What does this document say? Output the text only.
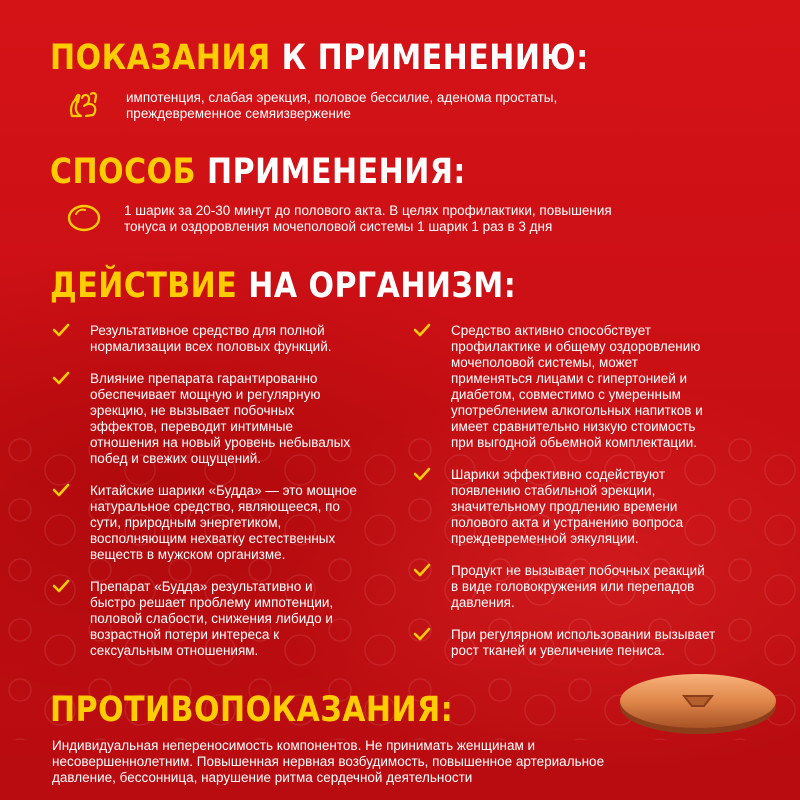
ПОКАЗАНИЯ К ПРИМЕНЕНИЮ:
импотенция, слабая эрекция, половое бессилие, аденома простаты,
преждевременное семяизвержение
СПОСОБ ПРИМЕНЕНИЯ:
1 шарик за 20-30 минут до полового акта. В целях профилактики, повышения
тонуса и оздоровления мочеполовой системы 1 шарик 1 раз в 3 дня
ДЕЙСТВИЕ НА ОРГАНИЗМ:
Результативное средство для полной
нормализации всех половых функций.
Влияние препарата гарантированно
обеспечивает мощную и регулярную
эрекцию, не вызывает побочных
эффектов, переводит интимные
отношения на новый уровень небывалых
побед и свежих ощущений.
Китайские шарики «Будда» — это мощное
натуральное средство, являющееся, по
сути, природным энергетиком,
восполняющим нехватку естественных
веществ в мужском организме.
Препарат «Будда» результативно и
быстро решает проблему импотенции,
половой слабости, снижения либидо и
возрастной потери интереса к
сексуальным отношениям.
Средство активно способствует
профилактике и общему оздоровлению
мочеполовой системы, может
применяться лицами с гипертонией и
диабетом, совместимо с умеренным
употреблением алкогольных напитков и
имеет сравнительно низкую стоимость
при выгодной обьемной комплектации.
Шарики эффективно содействуют
появлению стабильной эрекции,
значительному продлению времени
полового акта и устранению вопроса
преждевременной эякуляции.
Продукт не вызывает побочных реакций
в виде головокружения или перепадов
давления.
При регулярном использовании вызывает
рост тканей и увеличение пениса.
ПРОТИВОПОКАЗАНИЯ:
Индивидуальная непереносимость компонентов. Не принимать женщинам и
несовершеннолетним. Повышенная нервная возбудимость, повышенное артериальное
давление, бессонница, нарушение ритма сердечной деятельности
